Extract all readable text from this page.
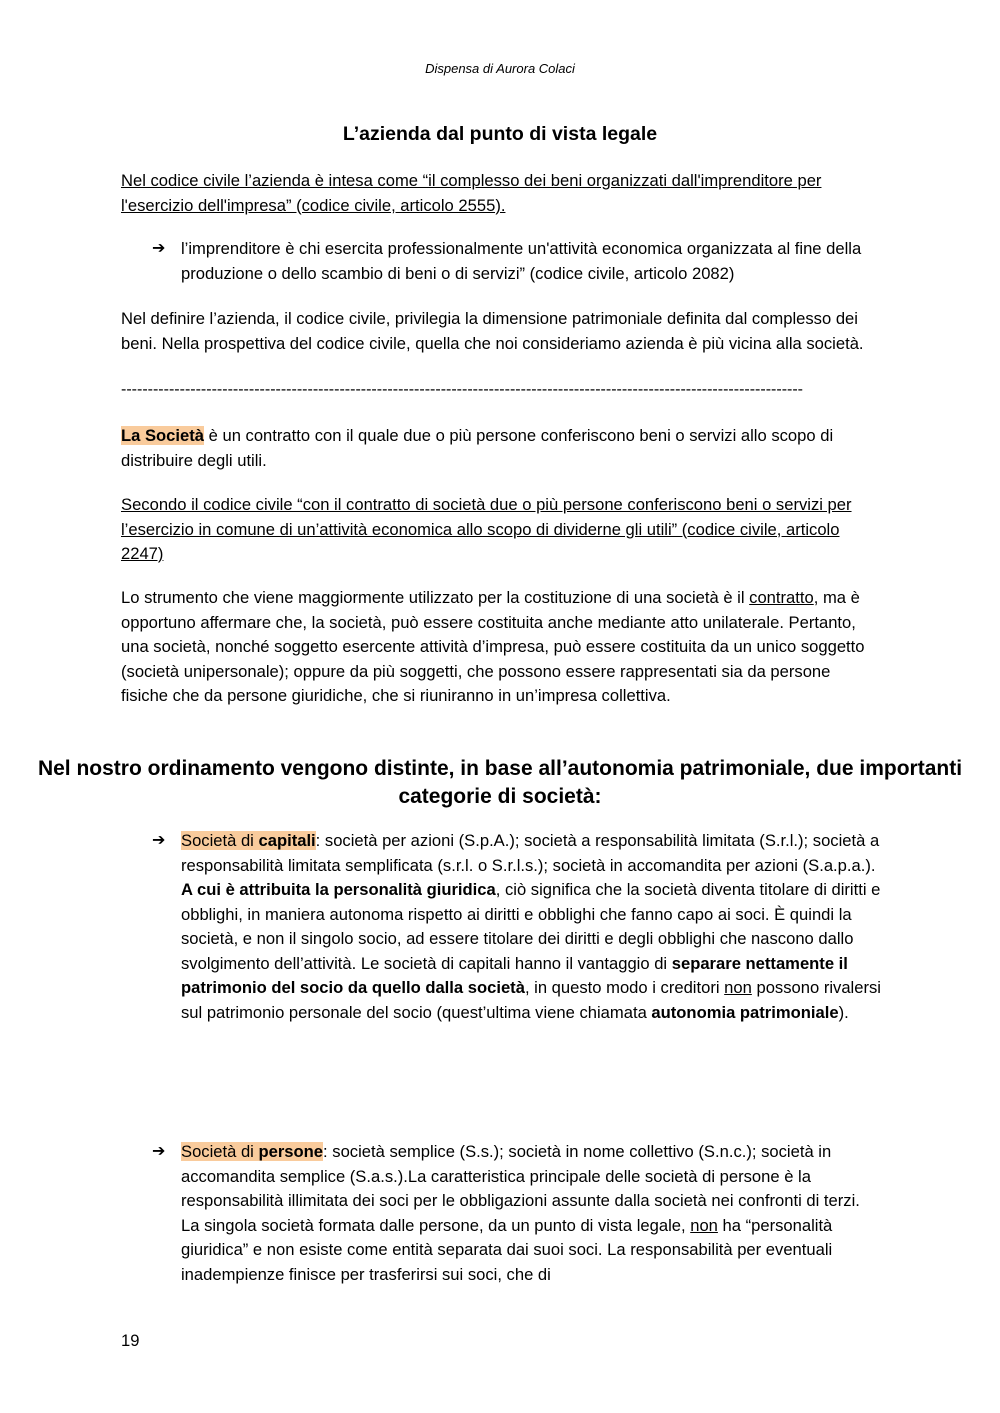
Dispensa di Aurora Colaci
L’azienda dal punto di vista legale

Nel codice civile l’azienda è intesa come “il complesso dei beni organizzati dall'imprenditore per l'esercizio dell'impresa” (codice civile, articolo 2555).

➔ l’imprenditore è chi esercita professionalmente un'attività economica organizzata al fine della produzione o dello scambio di beni o di servizi” (codice civile, articolo 2082)

Nel definire l’azienda, il codice civile, privilegia la dimensione patrimoniale definita dal complesso dei beni. Nella prospettiva del codice civile, quella che noi consideriamo azienda è più vicina alla società.

--------------------------------------------------------------------------------------------------------------------------------

La Società è un contratto con il quale due o più persone conferiscono beni o servizi allo scopo di distribuire degli utili.

Secondo il codice civile “con il contratto di società due o più persone conferiscono beni o servizi per l’esercizio in comune di un’attività economica allo scopo di dividerne gli utili” (codice civile, articolo 2247)

Lo strumento che viene maggiormente utilizzato per la costituzione di una società è il contratto, ma è opportuno affermare che, la società, può essere costituita anche mediante atto unilaterale. Pertanto, una società, nonché soggetto esercente attività d’impresa, può essere costituita da un unico soggetto (società unipersonale); oppure da più soggetti, che possono essere rappresentati sia da persone fisiche che da persone giuridiche, che si riuniranno in un’impresa collettiva.

Nel nostro ordinamento vengono distinte, in base all’autonomia patrimoniale, due importanti categorie di società:
➔ Società di capitali: società per azioni (S.p.A.); società a responsabilità limitata (S.r.l.); società a responsabilità limitata semplificata (s.r.l. o S.r.l.s.); società in accomandita per azioni (S.a.p.a.). A cui è attribuita la personalità giuridica, ciò significa che la società diventa titolare di diritti e obblighi, in maniera autonoma rispetto ai diritti e obblighi che fanno capo ai soci. È quindi la società, e non il singolo socio, ad essere titolare dei diritti e degli obblighi che nascono dallo svolgimento dell’attività. Le società di capitali hanno il vantaggio di separare nettamente il patrimonio del socio da quello dalla società, in questo modo i creditori non possono rivalersi sul patrimonio personale del socio (quest’ultima viene chiamata autonomia patrimoniale).
➔ Società di persone: società semplice (S.s.); società in nome collettivo (S.n.c.); società in accomandita semplice (S.a.s.).La caratteristica principale delle società di persone è la responsabilità illimitata dei soci per le obbligazioni assunte dalla società nei confronti di terzi. La singola società formata dalle persone, da un punto di vista legale, non ha “personalità giuridica” e non esiste come entità separata dai suoi soci. La responsabilità per eventuali inadempienze finisce per trasferirsi sui soci, che di
19
